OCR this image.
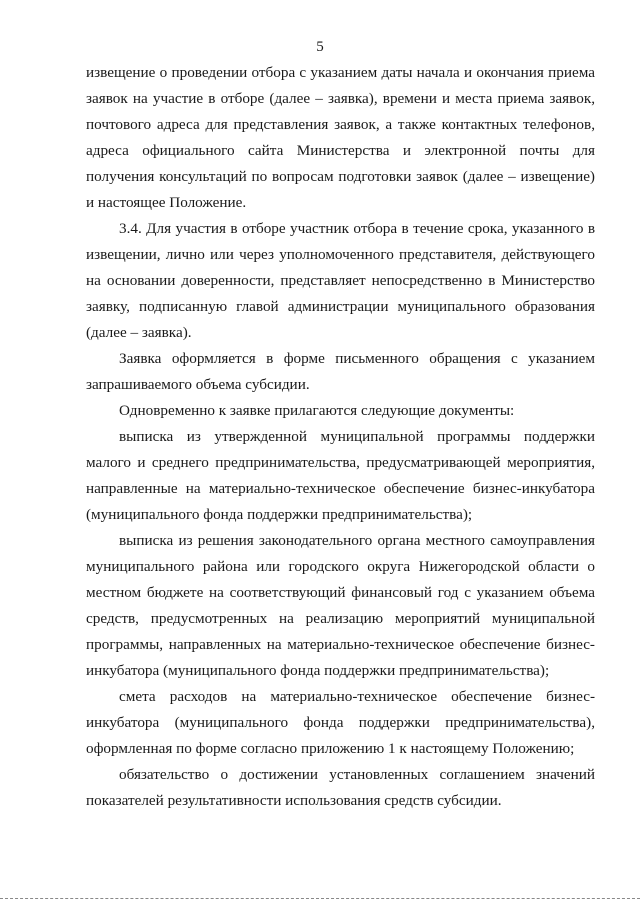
5

извещение о проведении отбора с указанием даты начала и окончания приема заявок на участие в отборе (далее – заявка), времени и места приема заявок, почтового адреса для представления заявок, а также контактных телефонов, адреса официального сайта Министерства и электронной почты для получения консультаций по вопросам подготовки заявок (далее – извещение) и настоящее Положение.

3.4. Для участия в отборе участник отбора в течение срока, указанного в извещении, лично или через уполномоченного представителя, действующего на основании доверенности, представляет непосредственно в Министерство заявку, подписанную главой администрации муниципального образования (далее – заявка).

Заявка оформляется в форме письменного обращения с указанием запрашиваемого объема субсидии.

Одновременно к заявке прилагаются следующие документы:

выписка из утвержденной муниципальной программы поддержки малого и среднего предпринимательства, предусматривающей мероприятия, направленные на материально-техническое обеспечение бизнес-инкубатора (муниципального фонда поддержки предпринимательства);

выписка из решения законодательного органа местного самоуправления муниципального района или городского округа Нижегородской области о местном бюджете на соответствующий финансовый год с указанием объема средств, предусмотренных на реализацию мероприятий муниципальной программы, направленных на материально-техническое обеспечение бизнес-инкубатора (муниципального фонда поддержки предпринимательства);

смета расходов на материально-техническое обеспечение бизнес-инкубатора (муниципального фонда поддержки предпринимательства), оформленная по форме согласно приложению 1 к настоящему Положению;

обязательство о достижении установленных соглашением значений показателей результативности использования средств субсидии.
